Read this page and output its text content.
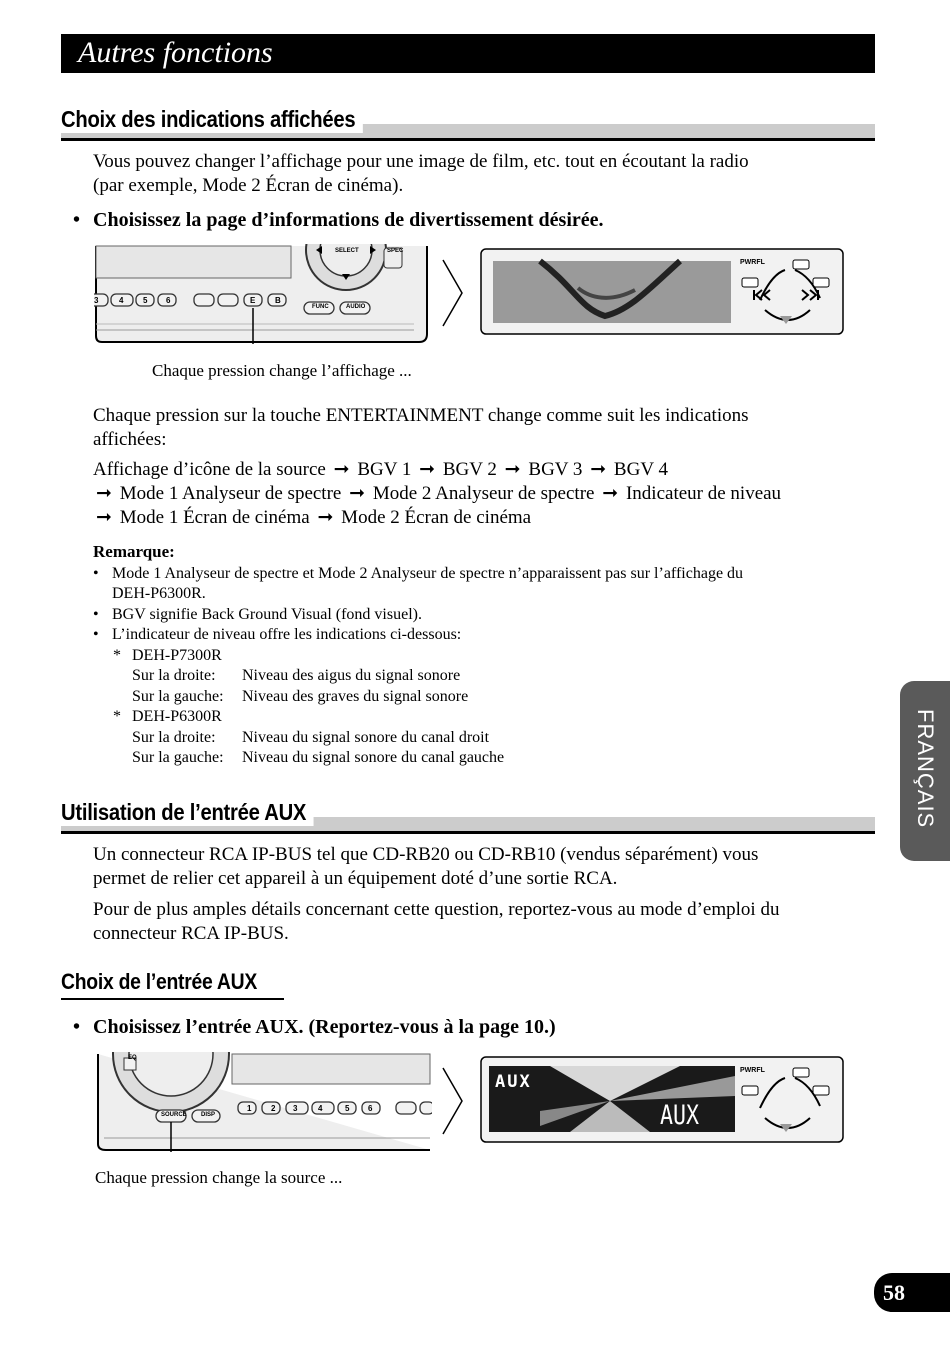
Autres fonctions
Choix des indications affichées
Vous pouvez changer l’affichage pour une image de film, etc. tout en écoutant la radio
(par exemple, Mode 2 Écran de cinéma).
• Choisissez la page d’informations de divertissement désirée.
SELECT	SPEC
FUNC	AUDIO
E B
4 5 6
3
PWRFL
Chaque pression change l’affichage ...
Chaque pression sur la touche ENTERTAINMENT change comme suit les indications
affichées:
Affichage d’icône de la source ➞ BGV 1 ➞ BGV 2 ➞ BGV 3 ➞ BGV 4
➞ Mode 1 Analyseur de spectre ➞ Mode 2 Analyseur de spectre ➞ Indicateur de niveau
➞ Mode 1 Écran de cinéma ➞ Mode 2 Écran de cinéma
Remarque:
• Mode 1 Analyseur de spectre et Mode 2 Analyseur de spectre n’apparaissent pas sur l’affichage du
DEH-P6300R.
• BGV signifie Back Ground Visual (fond visuel).
• L’indicateur de niveau offre les indications ci-dessous:
* DEH-P7300R
Sur la droite: Niveau des aigus du signal sonore
Sur la gauche: Niveau des graves du signal sonore
* DEH-P6300R
Sur la droite: Niveau du signal sonore du canal droit
Sur la gauche: Niveau du signal sonore du canal gauche
Utilisation de l’entrée AUX
Un connecteur RCA IP-BUS tel que CD-RB20 ou CD-RB10 (vendus séparément) vous
permet de relier cet appareil à un équipement doté d’une sortie RCA.
Pour de plus amples détails concernant cette question, reportez-vous au mode d’emploi du
connecteur RCA IP-BUS.
Choix de l’entrée AUX
• Choisissez l’entrée AUX. (Reportez-vous à la page 10.)
EQ
SOURCE DISP
1 2 3	4	5 6
AUX
AUX
PWRFL
Chaque pression change la source ...
FRANÇAIS
58
